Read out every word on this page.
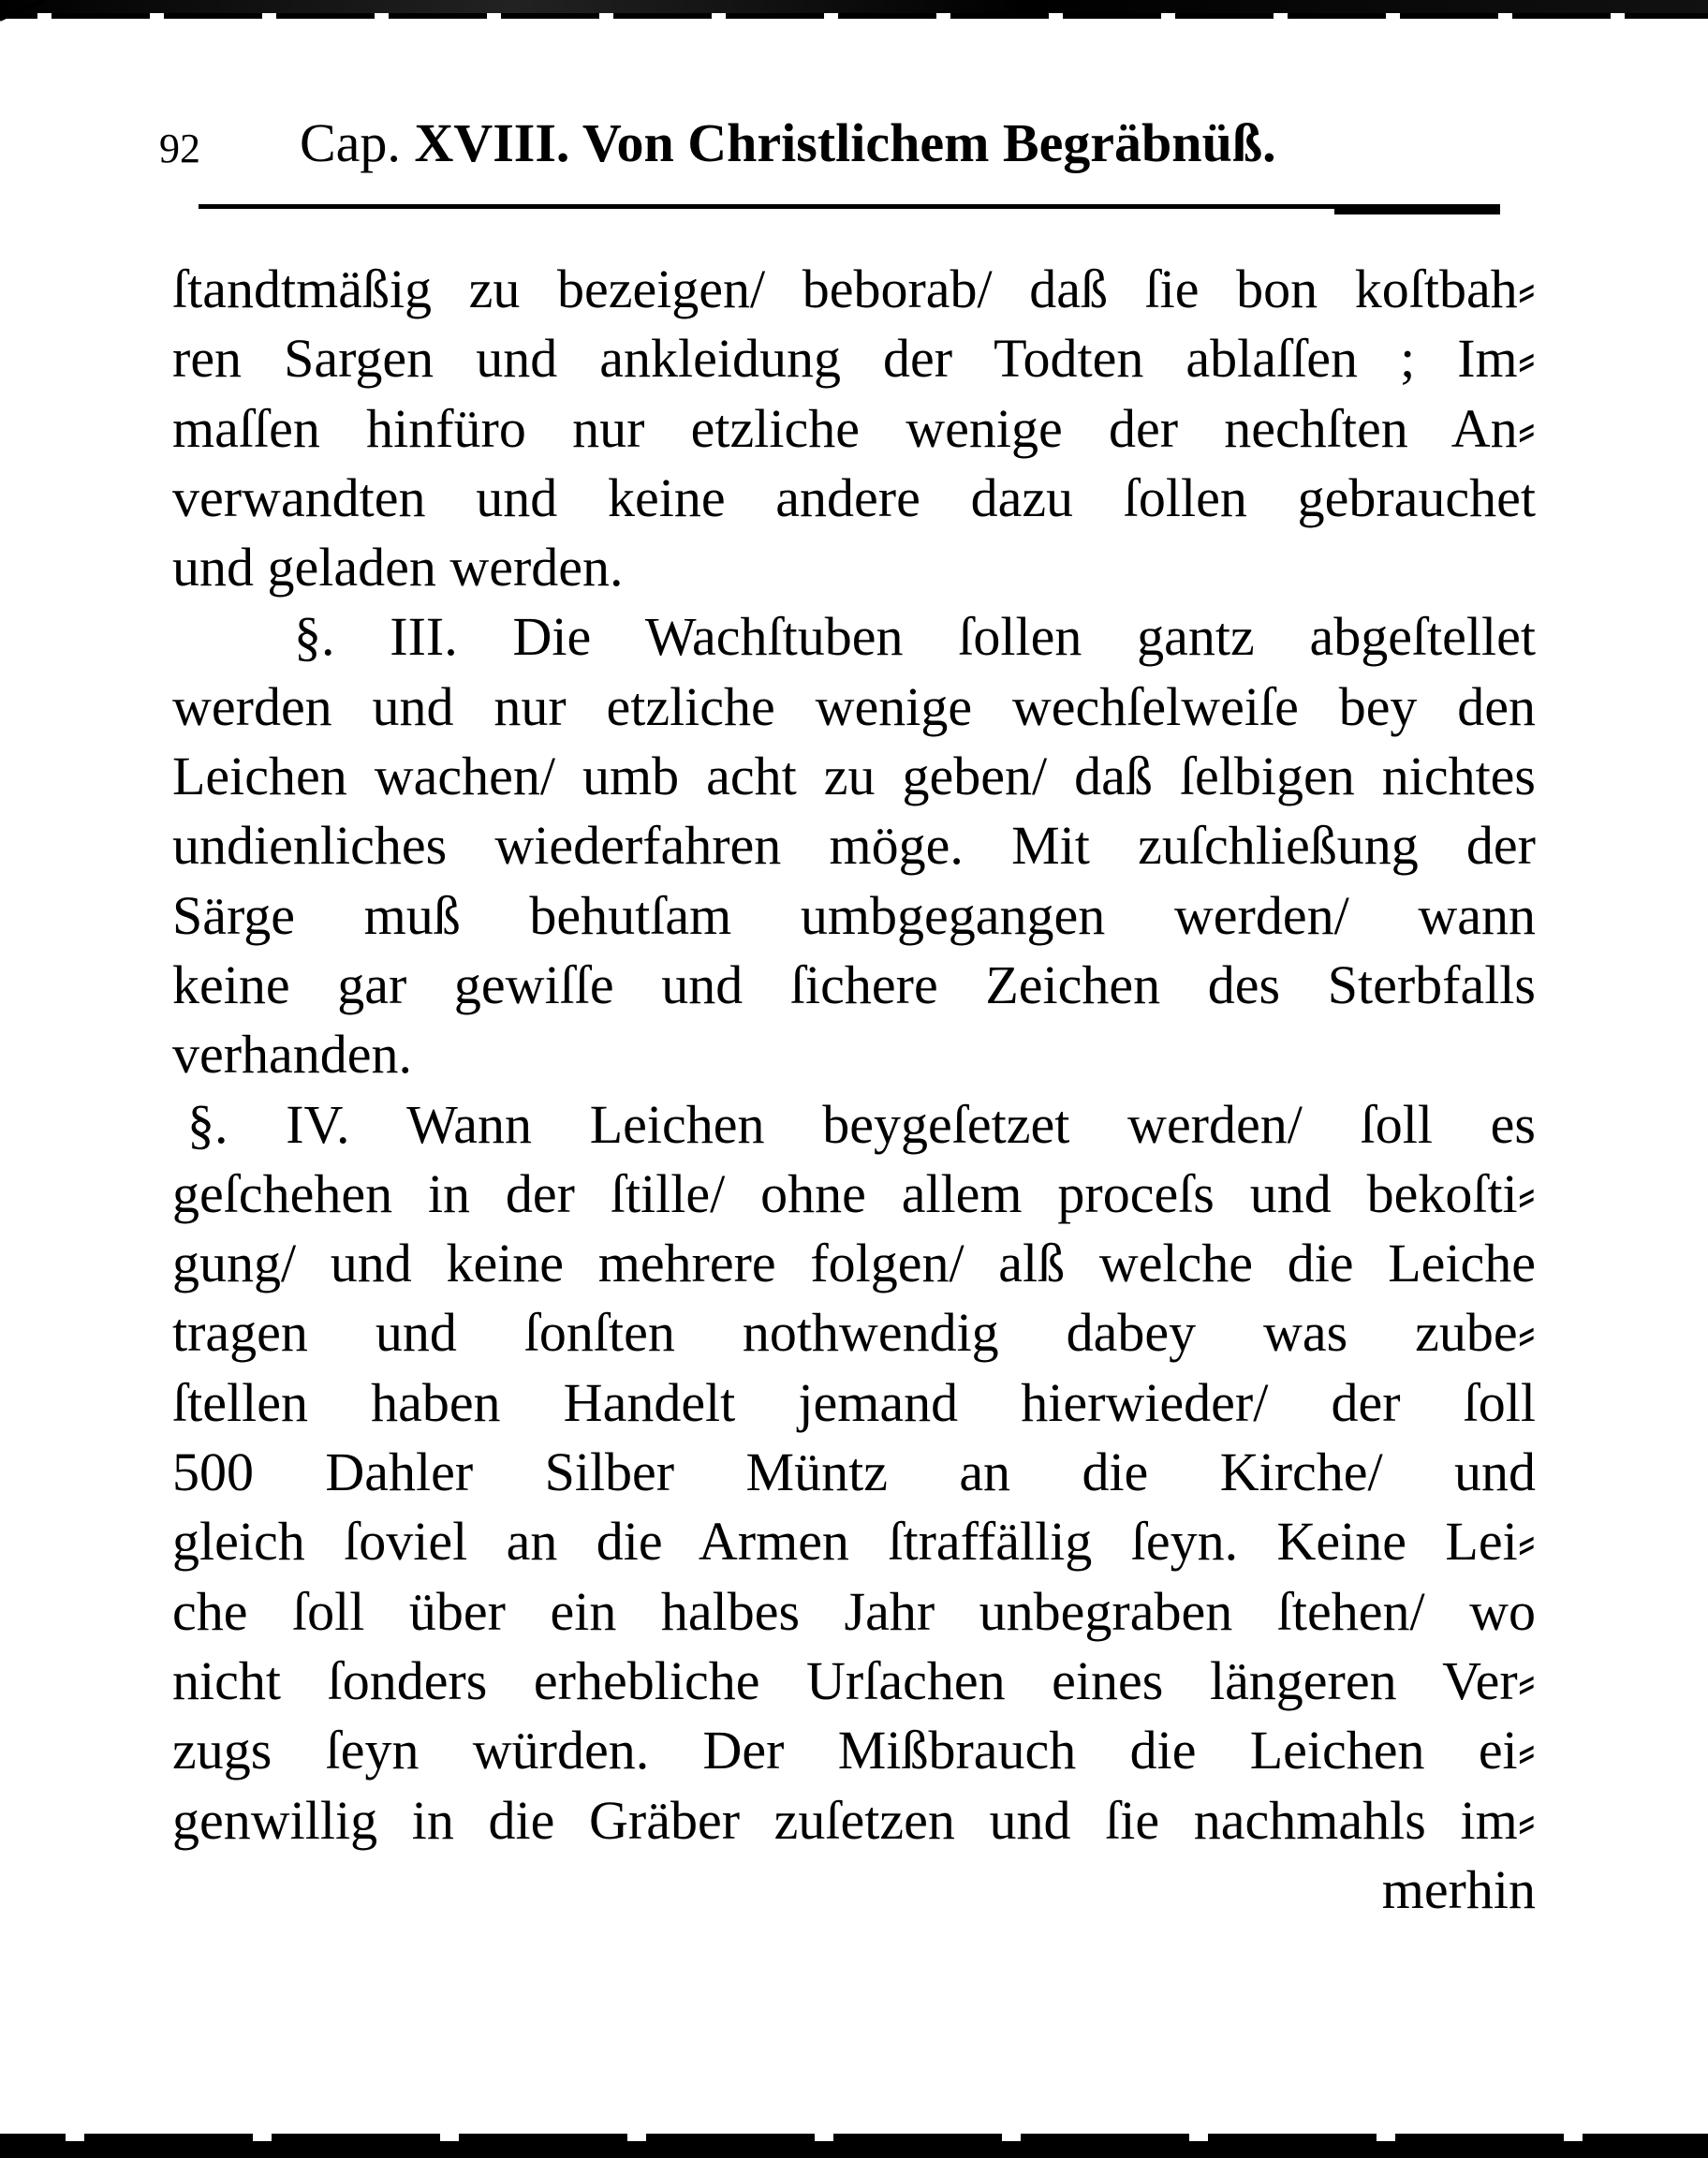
92 Cap. XVIII. Von Christlichem Begräbnüß.
ſtandtmäßig zu bezeigen/ beborab/ daß ſie bon koſtbah⸗
ren Sargen und ankleidung der Todten ablaſſen ; Im⸗
maſſen hinfüro nur etzliche wenige der nechſten An⸗
verwandten und keine andere dazu ſollen gebrauchet
und geladen werden.
§. III. Die Wachſtuben ſollen gantz abgeſtellet
werden und nur etzliche wenige wechſelweiſe bey den
Leichen wachen/ umb acht zu geben/ daß ſelbigen nichtes
undienliches wiederfahren möge. Mit zuſchließung der
Särge muß behutſam umbgegangen werden/ wann
keine gar gewiſſe und ſichere Zeichen des Sterbfalls
verhanden.
§. IV. Wann Leichen beygeſetzet werden/ ſoll es
geſchehen in der ſtille/ ohne allem proceſs und bekoſti⸗
gung/ und keine mehrere folgen/ alß welche die Leiche
tragen und ſonſten nothwendig dabey was zube⸗
ſtellen haben Handelt jemand hierwieder/ der ſoll
500 Dahler Silber Müntz an die Kirche/ und
gleich ſoviel an die Armen ſtraffällig ſeyn. Keine Lei⸗
che ſoll über ein halbes Jahr unbegraben ſtehen/ wo
nicht ſonders erhebliche Urſachen eines längeren Ver⸗
zugs ſeyn würden. Der Mißbrauch die Leichen ei⸗
genwillig in die Gräber zuſetzen und ſie nachmahls im⸗
merhin
